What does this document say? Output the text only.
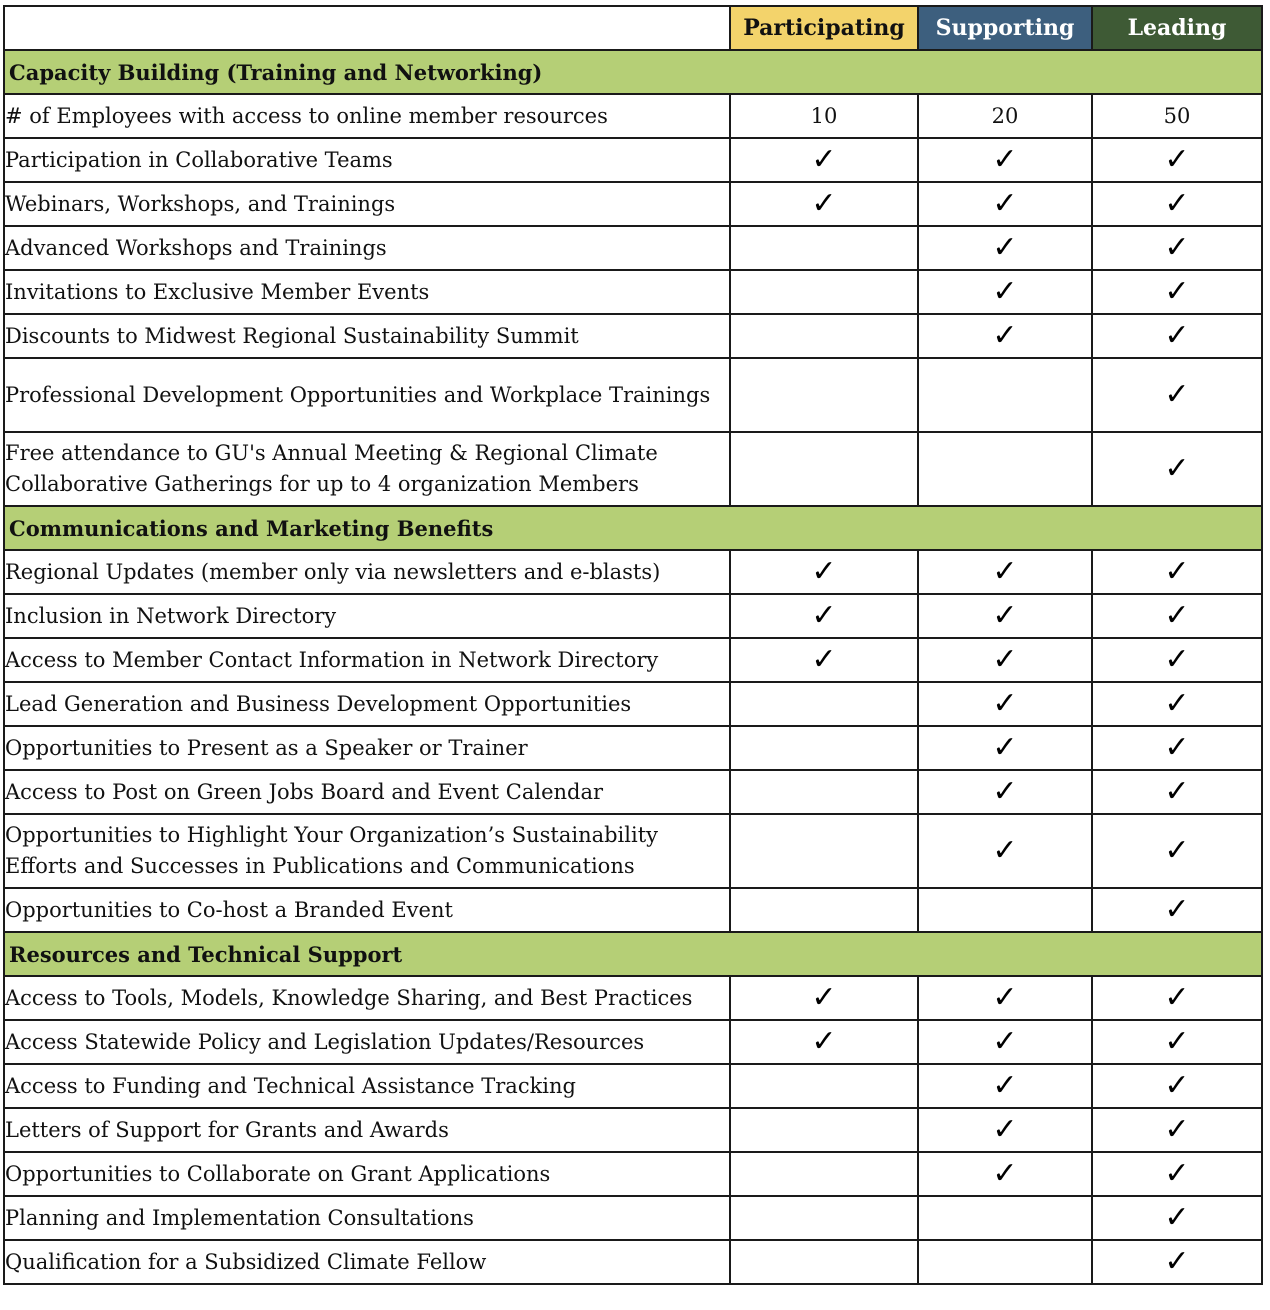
	Participating	Supporting	Leading
Capacity Building (Training and Networking)			
# of Employees with access to online member resources	10	20	50
Participation in Collaborative Teams	✓	✓	✓
Webinars, Workshops, and Trainings	✓	✓	✓
Advanced Workshops and Trainings		✓	✓
Invitations to Exclusive Member Events		✓	✓
Discounts to Midwest Regional Sustainability Summit		✓	✓
Professional Development Opportunities and Workplace Trainings			✓
Free attendance to GU's Annual Meeting & Regional Climate Collaborative Gatherings for up to 4 organization Members			✓
Communications and Marketing Benefits			
Regional Updates (member only via newsletters and e-blasts)	✓	✓	✓
Inclusion in Network Directory	✓	✓	✓
Access to Member Contact Information in Network Directory	✓	✓	✓
Lead Generation and Business Development Opportunities		✓	✓
Opportunities to Present as a Speaker or Trainer		✓	✓
Access to Post on Green Jobs Board and Event Calendar		✓	✓
Opportunities to Highlight Your Organization’s Sustainability Efforts and Successes in Publications and Communications		✓	✓
Opportunities to Co-host a Branded Event			✓
Resources and Technical Support			
Access to Tools, Models, Knowledge Sharing, and Best Practices	✓	✓	✓
Access Statewide Policy and Legislation Updates/Resources	✓	✓	✓
Access to Funding and Technical Assistance Tracking		✓	✓
Letters of Support for Grants and Awards		✓	✓
Opportunities to Collaborate on Grant Applications		✓	✓
Planning and Implementation Consultations			✓
Qualification for a Subsidized Climate Fellow			✓
